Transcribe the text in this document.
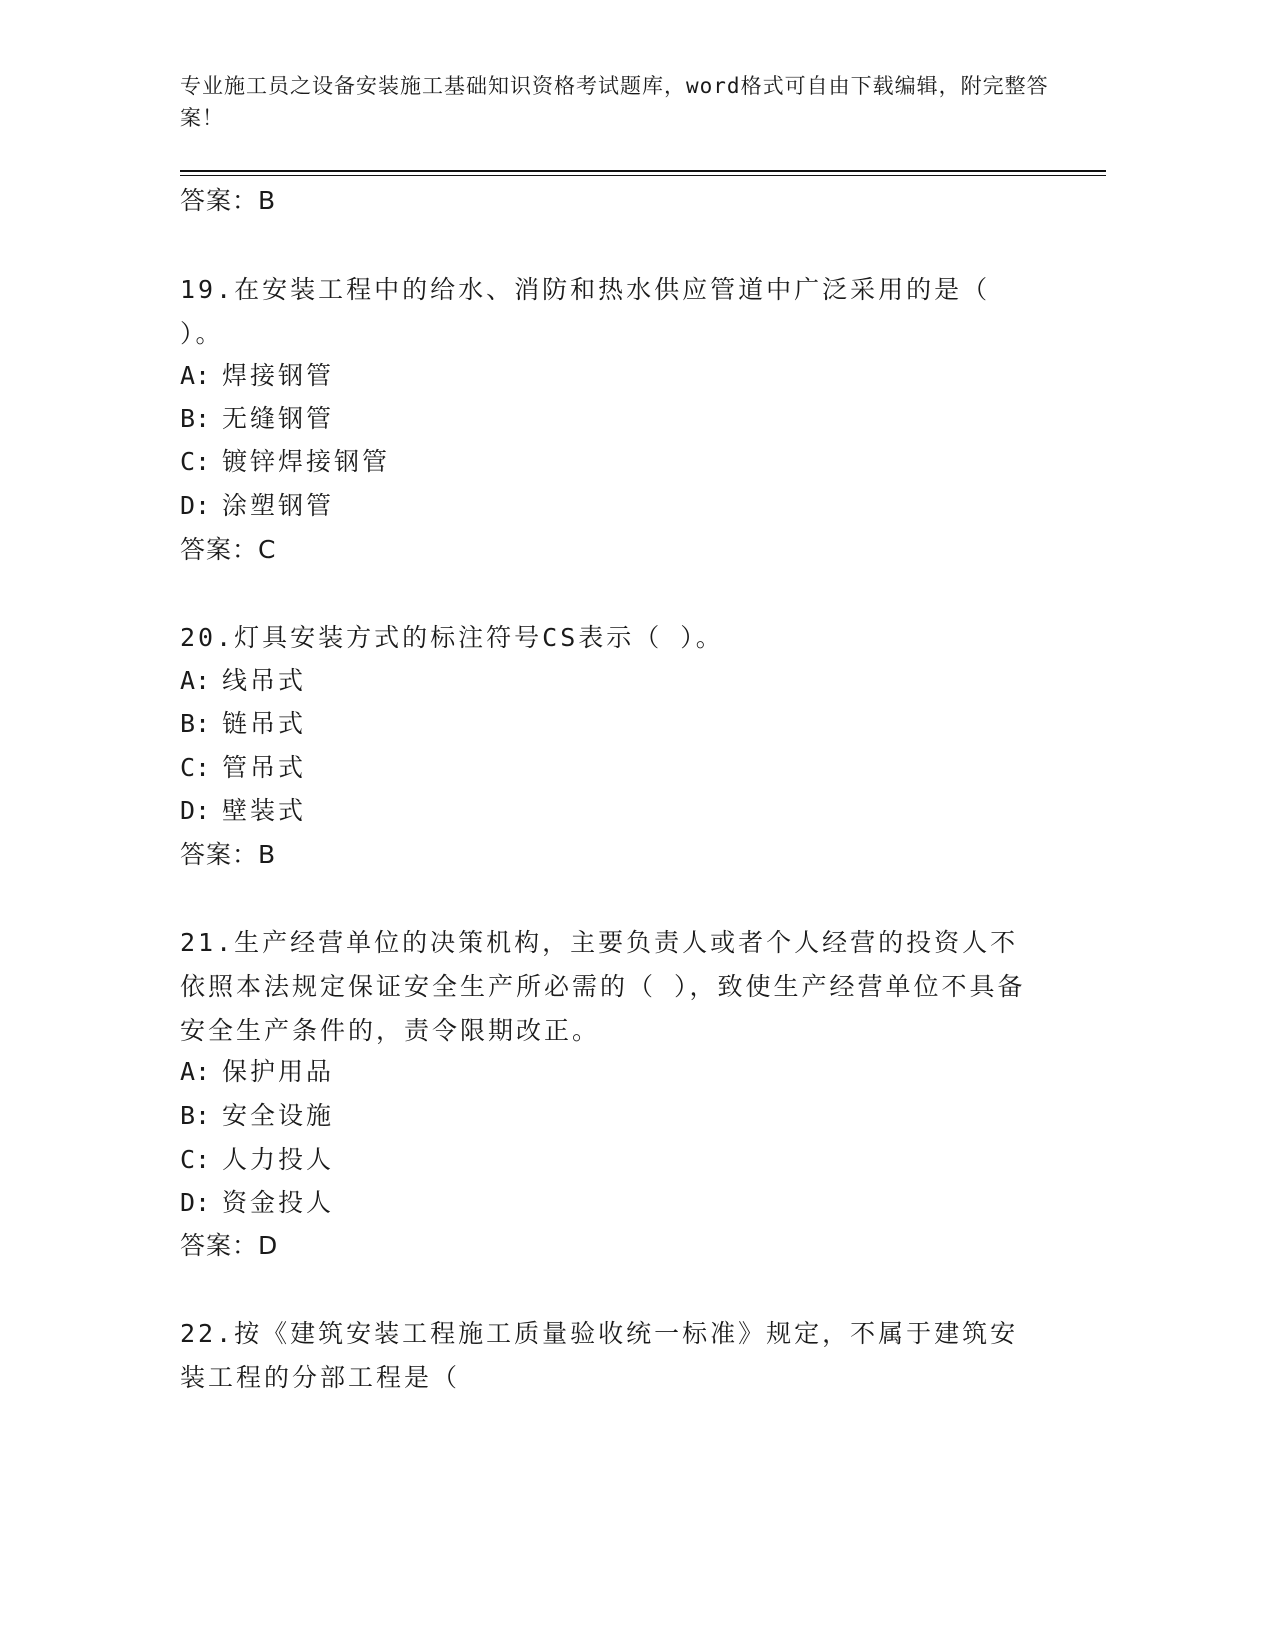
专业施工员之设备安装施工基础知识资格考试题库，word格式可自由下载编辑，附完整答案！
答案：B
19.在安装工程中的给水、消防和热水供应管道中广泛采用的是（ ）。
A: 焊接钢管
B: 无缝钢管
C: 镀锌焊接钢管
D: 涂塑钢管
答案：C
20.灯具安装方式的标注符号CS表示（ ）。
A: 线吊式
B: 链吊式
C: 管吊式
D: 壁装式
答案：B
21.生产经营单位的决策机构，主要负责人或者个人经营的投资人不依照本法规定保证安全生产所必需的（ ），致使生产经营单位不具备安全生产条件的，责令限期改正。
A: 保护用品
B: 安全设施
C: 人力投人
D: 资金投人
答案：D
22.按《建筑安装工程施工质量验收统一标准》规定，不属于建筑安装工程的分部工程是（
